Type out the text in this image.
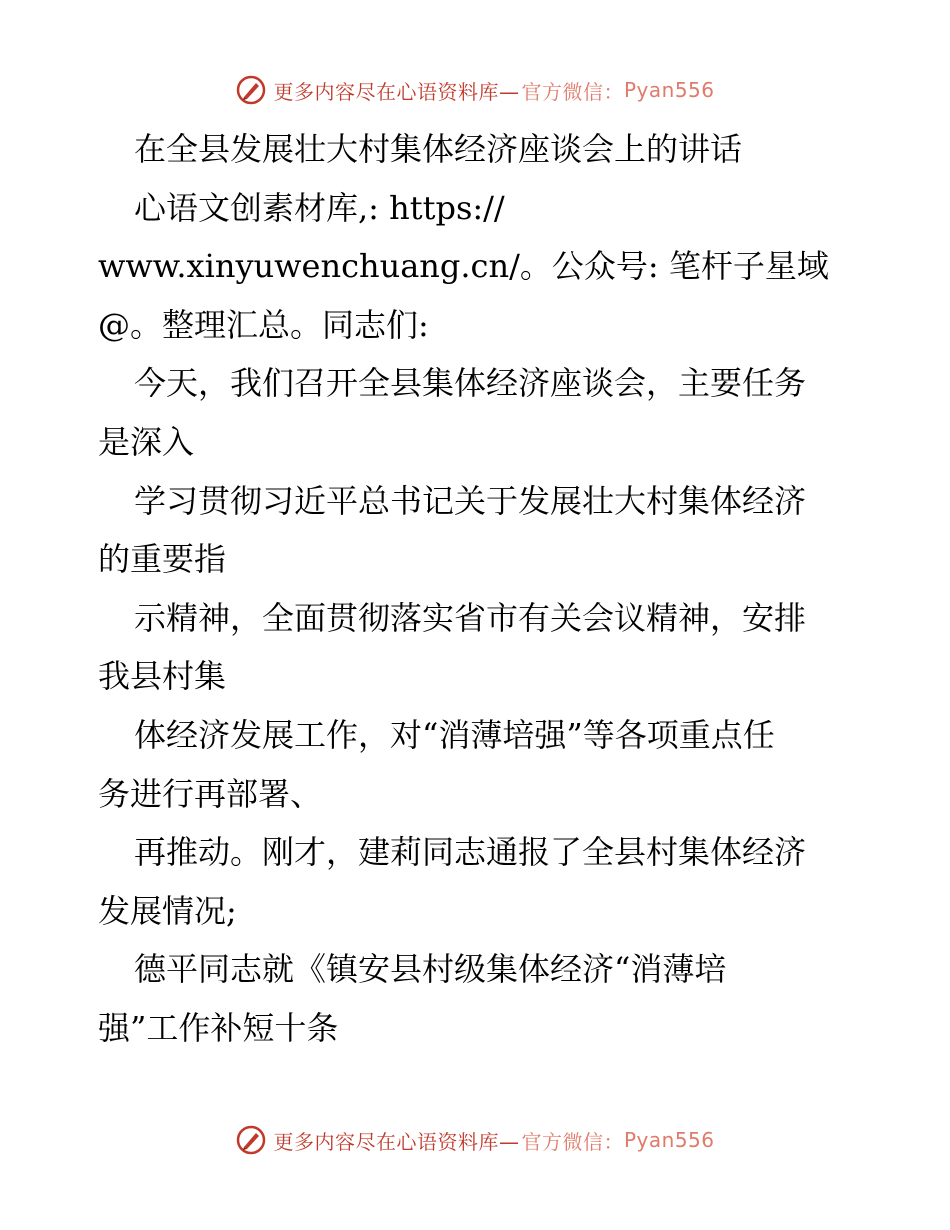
更多内容尽在心语资料库— 官方微信： Pyan556
在全县发展壮大村集体经济座谈会上的讲话
心语文创素材库,: https://
www.xinyuwenchuang.cn/。公众号: 笔杆子星域
@。整理汇总。同志们:
今天，我们召开全县集体经济座谈会，主要任务
是深入
学习贯彻习近平总书记关于发展壮大村集体经济
的重要指
示精神，全面贯彻落实省市有关会议精神，安排
我县村集
体经济发展工作，对“消薄培强”等各项重点任
务进行再部署、
再推动。刚才，建莉同志通报了全县村集体经济
发展情况;
德平同志就《镇安县村级集体经济“消薄培
强”工作补短十条
更多内容尽在心语资料库— 官方微信： Pyan556
